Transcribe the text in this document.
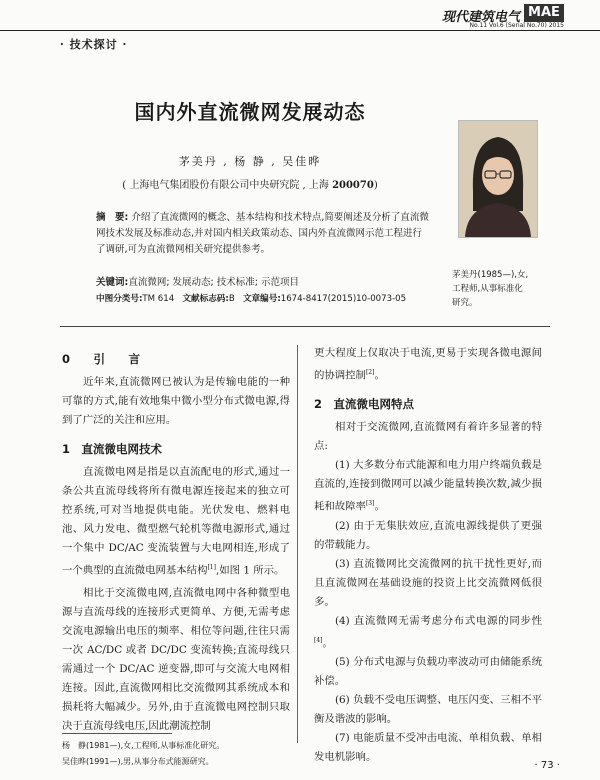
· 技术探讨 ·
现代建筑电气 MAE
No.11 Vol.6 (Serial No.70) 2015
国内外直流微网发展动态
茅美丹 , 杨 静 , 吴佳晔
( 上海电气集团股份有限公司中央研究院 , 上海 200070)
摘　要: 介绍了直流微网的概念、基本结构和技术特点,简要阐述及分析了直流微网技术发展及标准动态,并对国内相关政策动态、国内外直流微网示范工程进行了调研,可为直流微网相关研究提供参考。
关键词:直流微网; 发展动态; 技术标准; 示范项目
中图分类号:TM 614 文献标志码:B 文章编号:1674-8417(2015)10-0073-05
茅美丹(1985—),女,
工程师,从事标准化
研究。
0　引　言

近年来,直流微网已被认为是传输电能的一种可靠的方式,能有效地集中微小型分布式微电源,得到了广泛的关注和应用。

1　直流微电网技术

直流微电网是指是以直流配电的形式,通过一条公共直流母线将所有微电源连接起来的独立可控系统,可对当地提供电能。光伏发电、燃料电池、风力发电、微型燃气轮机等微电源形式,通过一个集中 DC/AC 变流装置与大电网相连,形成了一个典型的直流微电网基本结构[1],如图 1 所示。

相比于交流微电网,直流微电网中各种微型电源与直流母线的连接形式更简单、方便,无需考虑交流电源输出电压的频率、相位等问题,往往只需一次 AC/DC 或者 DC/DC 变流转换;直流母线只需通过一个 DC/AC 逆变器,即可与交流大电网相连接。因此,直流微网相比交流微网其系统成本和损耗将大幅减少。另外,由于直流微电网控制只取决于直流母线电压,因此潮流控制

更大程度上仅取决于电流,更易于实现各微电源间的协调控制[2]。

2　直流微电网特点

相对于交流微网,直流微网有着许多显著的特点:

(1) 大多数分布式能源和电力用户终端负载是直流的,连接到微网可以减少能量转换次数,减少损耗和故障率[3]。

(2) 由于无集肤效应,直流电源线提供了更强的带载能力。

(3) 直流微网比交流微网的抗干扰性更好,而且直流微网在基础设施的投资上比交流微网低很多。

(4) 直流微网无需考虑分布式电源的同步性[4]。

(5) 分布式电源与负载功率波动可由储能系统补偿。

(6) 负载不受电压调整、电压闪变、三相不平衡及谐波的影响。

(7) 电能质量不受冲击电流、单相负载、单相发电机影响。

杨　静(1981—),女,工程师,从事标准化研究。
吴佳晔(1991—),男,从事分布式能源研究。	· 73 ·
